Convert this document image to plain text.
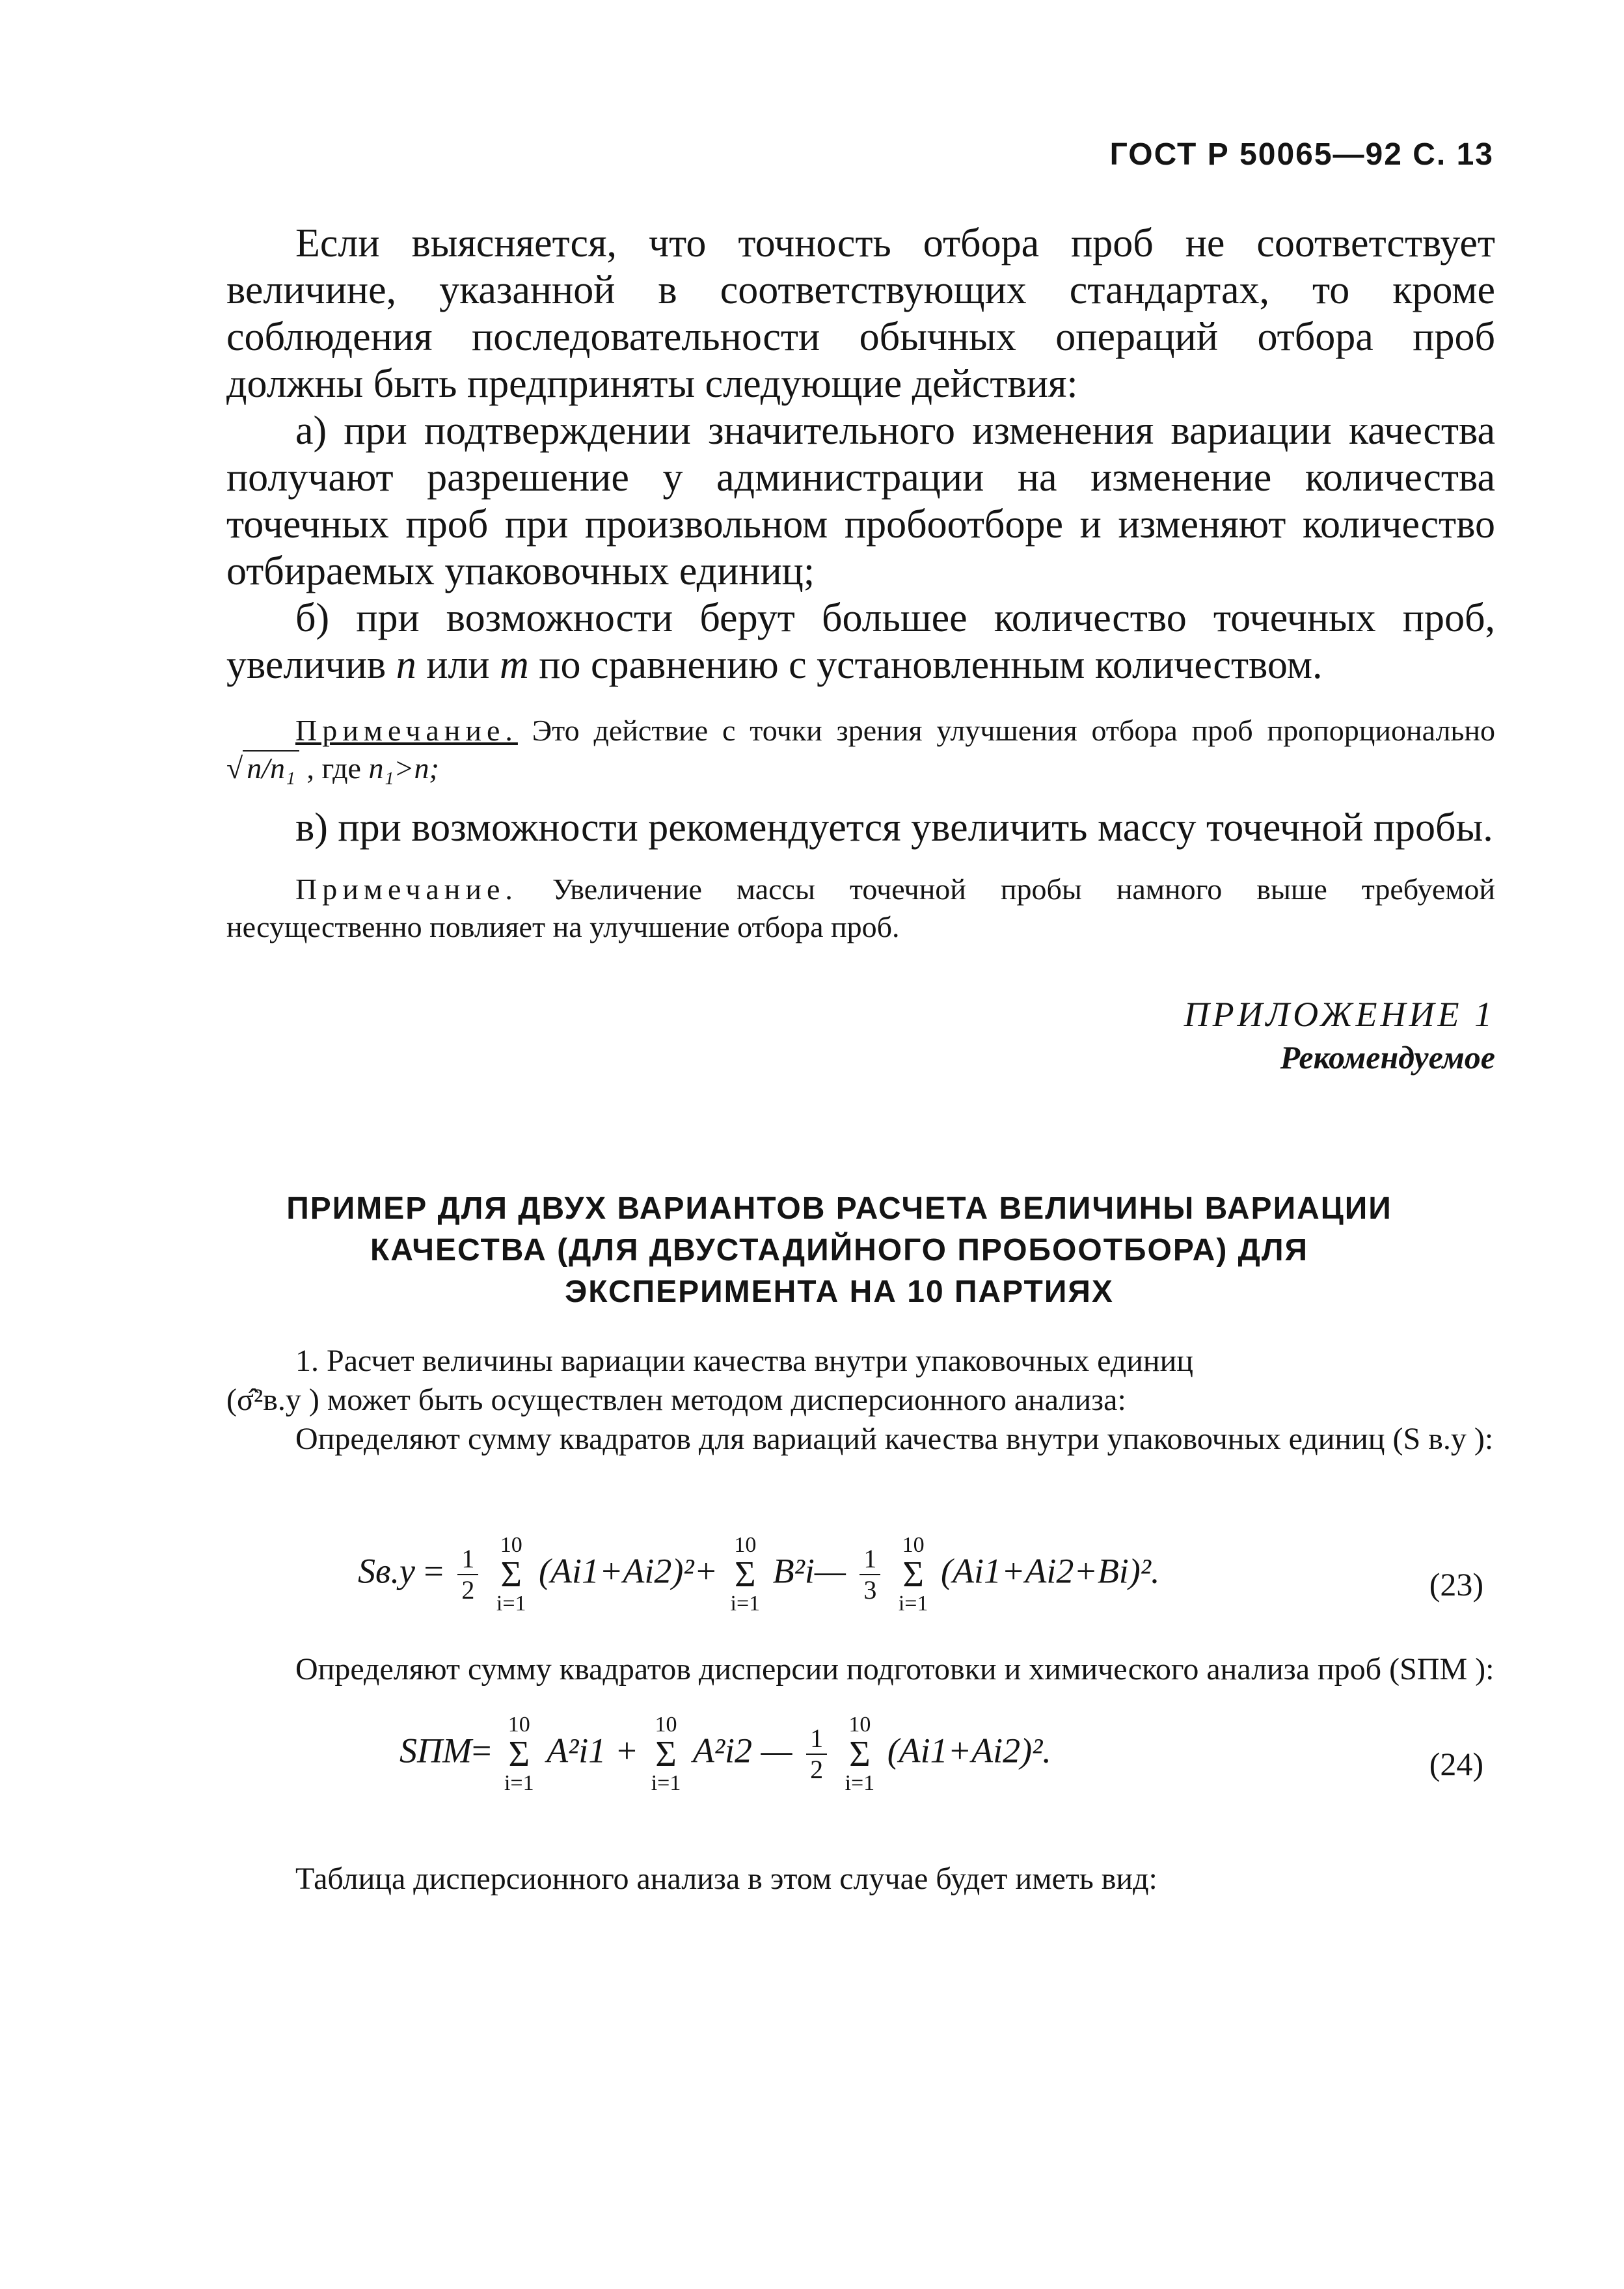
ГОСТ Р 50065—92 С. 13

Если выясняется, что точность отбора проб не соответствует величине, указанной в соответствующих стандартах, то кроме соблюдения последовательности обычных операций отбора проб должны быть предприняты следующие действия:

а) при подтверждении значительного изменения вариации качества получают разрешение у администрации на изменение количества точечных проб при произвольном пробоотборе и изменяют количество отбираемых упаковочных единиц;

б) при возможности берут большее количество точечных проб, увеличив n или m по сравнению с установленным количеством.

Примечание. Это действие с точки зрения улучшения отбора проб пропорционально √ n/n₁ , где n₁>n;

в) при возможности рекомендуется увеличить массу точечной пробы.

Примечание. Увеличение массы точечной пробы намного выше требуемой несущественно повлияет на улучшение отбора проб.

ПРИЛОЖЕНИЕ 1
Рекомендуемое
ПРИМЕР ДЛЯ ДВУХ ВАРИАНТОВ РАСЧЕТА ВЕЛИЧИНЫ ВАРИАЦИИ
КАЧЕСТВА (ДЛЯ ДВУСТАДИЙНОГО ПРОБООТБОРА) ДЛЯ
ЭКСПЕРИМЕНТА НА 10 ПАРТИЯХ

1. Расчет величины вариации качества внутри упаковочных единиц
(σ̂²в.у ) может быть осуществлен методом дисперсионного анализа:

Определяют сумму квадратов для вариаций качества внутри упаковочных единиц (S в.у ):

$Sв.у = \frac{1}{2}$
10
Σ
i=1
(Ai1+Ai2)²+
10
Σ
i=1
B²i— $\frac{1}{3}$
10
Σ
i=1
(Ai1+Ai2+Bi)².	(23)

Определяют сумму квадратов дисперсии подготовки и химического анализа проб (SПМ ):

SПМ=
10
Σ
i=1
A²i1 +
10
Σ
i=1
A²i2 — $\frac{1}{2}$
10
Σ
i=1
(Ai1+Ai2)².	(24)

Таблица дисперсионного анализа в этом случае будет иметь вид:
